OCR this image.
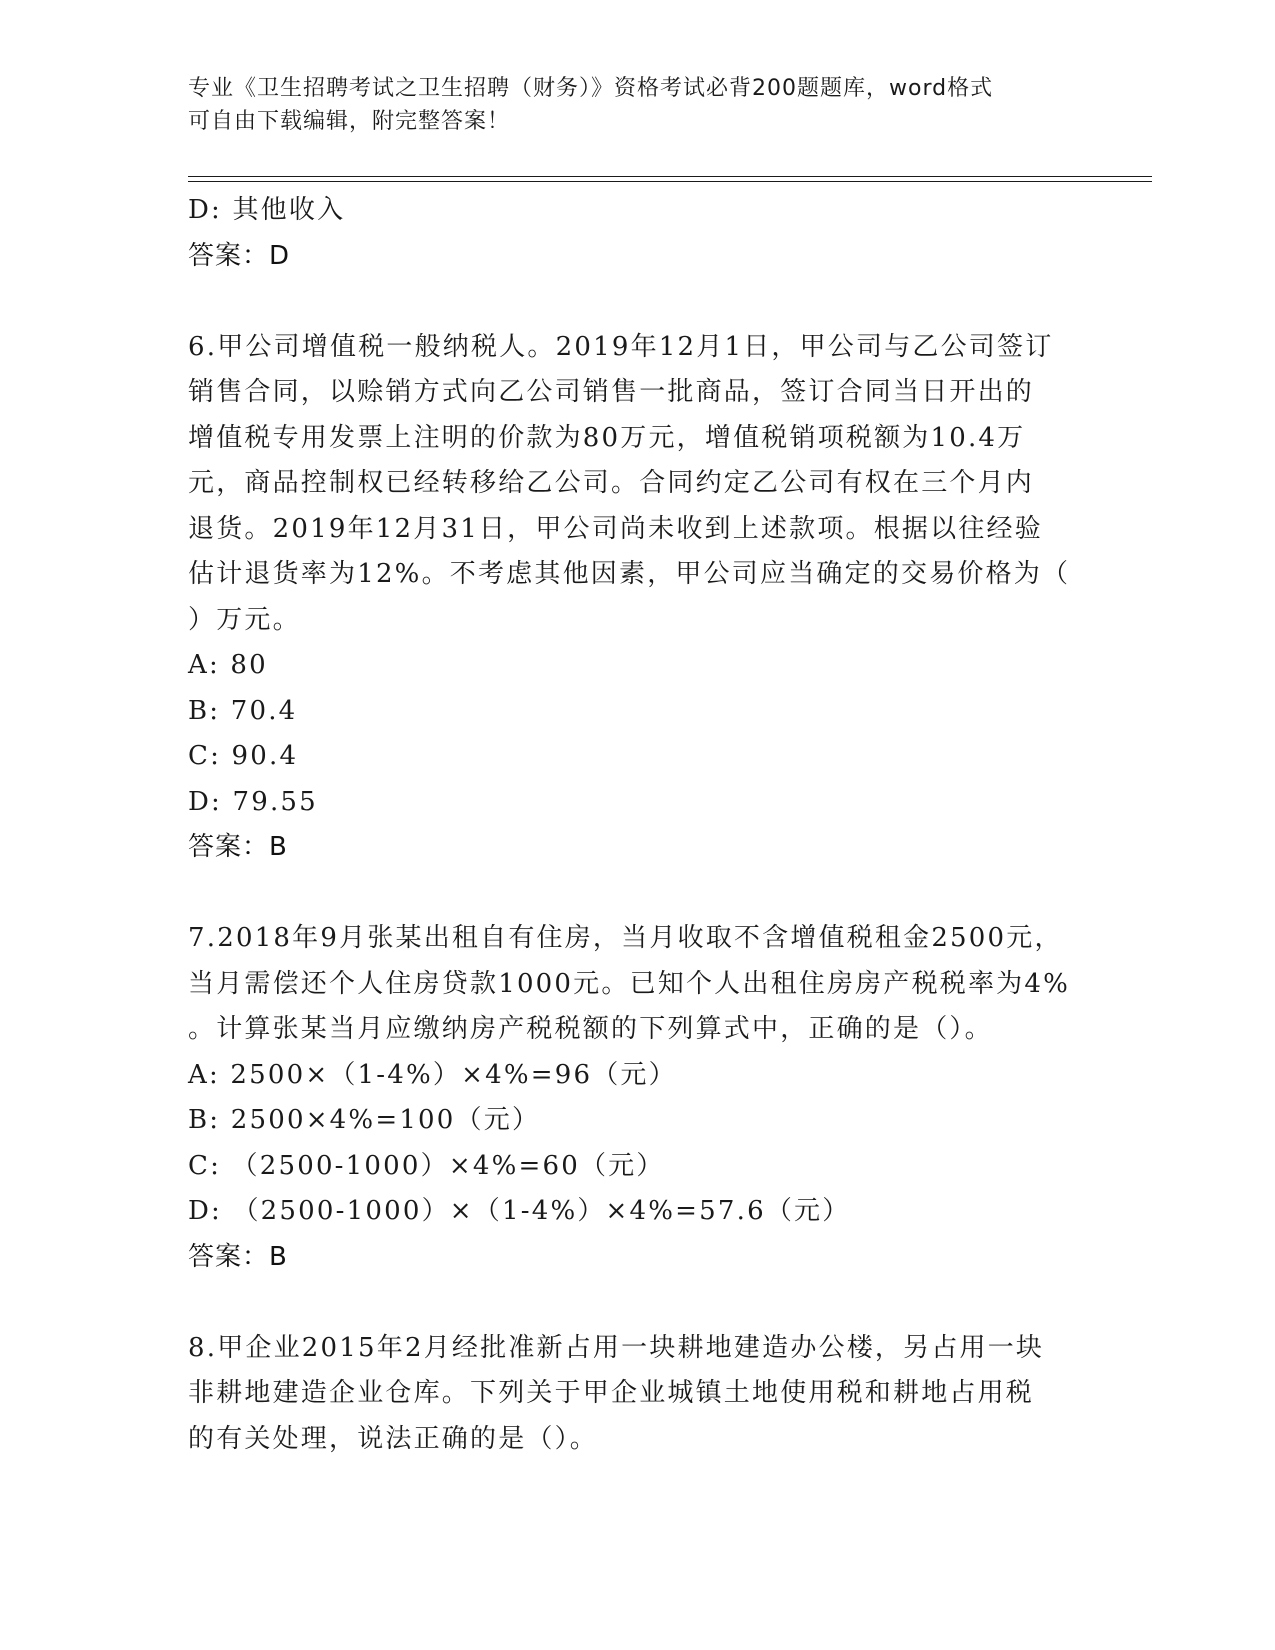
专业《卫生招聘考试之卫生招聘（财务）》资格考试必背200题题库，word格式
可自由下载编辑，附完整答案！
D: 其他收入
答案：D
6.甲公司增值税一般纳税人。2019年12月1日，甲公司与乙公司签订
销售合同，以赊销方式向乙公司销售一批商品，签订合同当日开出的
增值税专用发票上注明的价款为80万元，增值税销项税额为10.4万
元，商品控制权已经转移给乙公司。合同约定乙公司有权在三个月内
退货。2019年12月31日，甲公司尚未收到上述款项。根据以往经验
估计退货率为12%。不考虑其他因素，甲公司应当确定的交易价格为（
）万元。
A: 80
B: 70.4
C: 90.4
D: 79.55
答案：B
7.2018年9月张某出租自有住房，当月收取不含增值税租金2500元，
当月需偿还个人住房贷款1000元。已知个人出租住房房产税税率为4%
。计算张某当月应缴纳房产税税额的下列算式中，正确的是（）。
A: 2500×（1-4%）×4%=96（元）
B: 2500×4%=100（元）
C: （2500-1000）×4%=60（元）
D: （2500-1000）×（1-4%）×4%=57.6（元）
答案：B
8.甲企业2015年2月经批准新占用一块耕地建造办公楼，另占用一块
非耕地建造企业仓库。下列关于甲企业城镇土地使用税和耕地占用税
的有关处理，说法正确的是（）。
